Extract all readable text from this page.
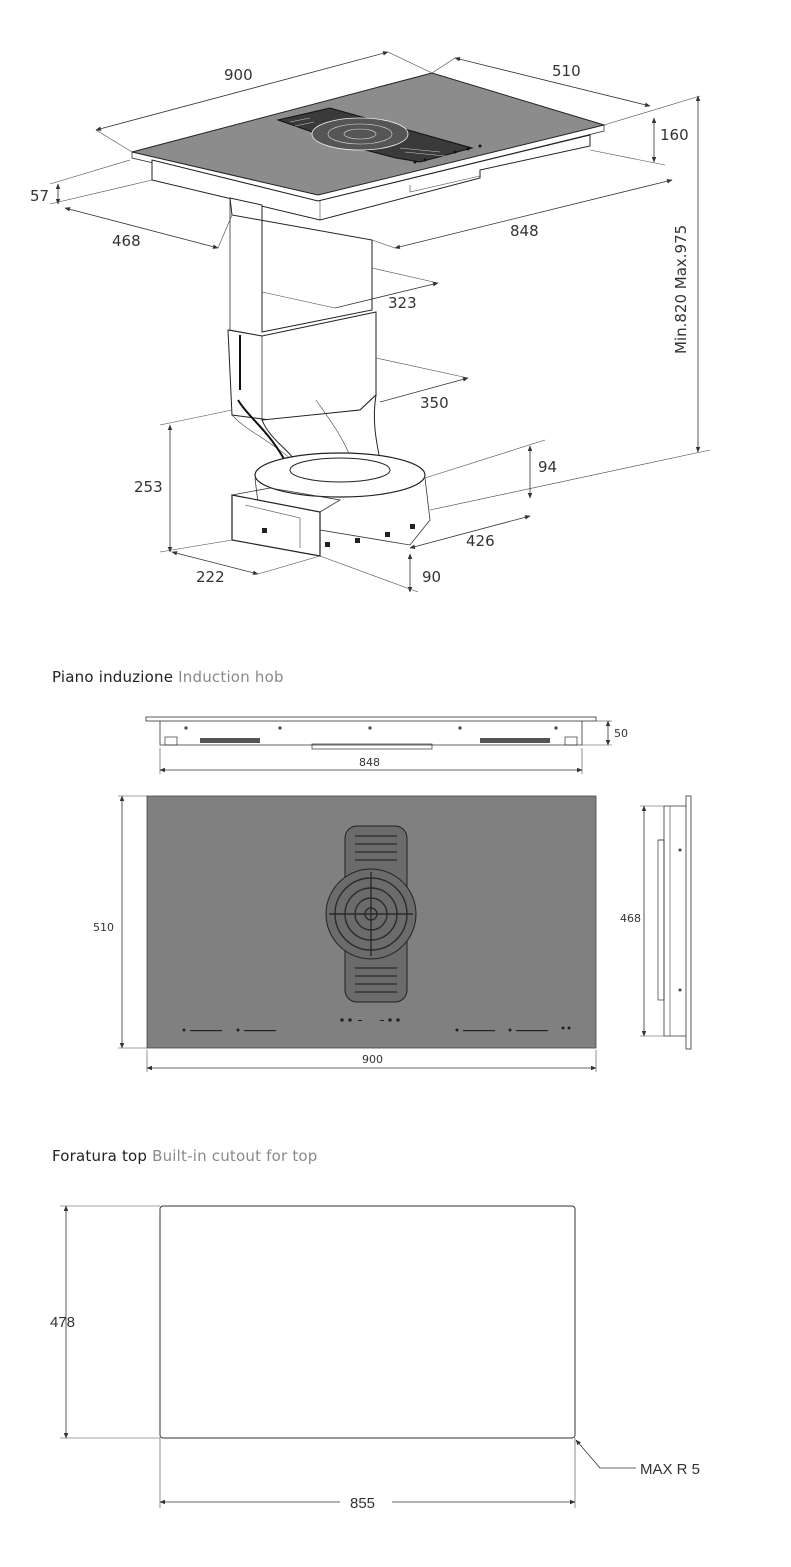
900	510
160
57
468
848	Min.820 Max.975
323
350
94
253
426
222	90
50
848
510
900
468
478
855
MAX R 5
Piano induzione Induction hob
Foratura top Built-in cutout for top
